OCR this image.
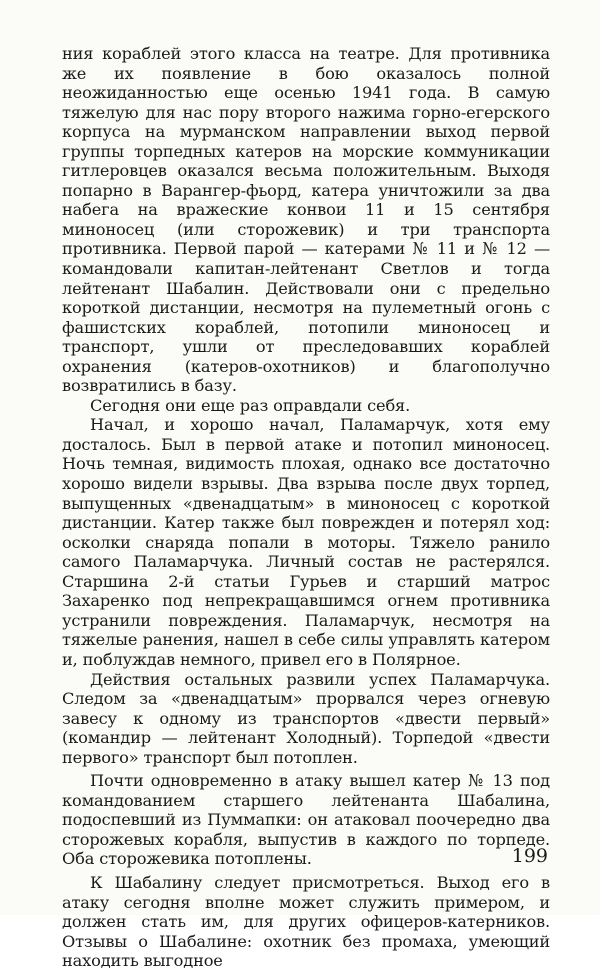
ния кораблей этого класса на театре. Для противника же их появление в бою оказалось полной неожиданностью еще осенью 1941 года. В самую тяжелую для нас пору второго нажима горно-егерского корпуса на мурманском направлении выход первой группы торпедных катеров на морские коммуникации гитлеровцев оказался весьма положительным. Выходя попарно в Варангер-фьорд, катера уничтожили за два набега на вражеские конвои 11 и 15 сентября миноносец (или сторожевик) и три транспорта противника. Первой парой — катерами № 11 и № 12 — командовали капитан-лейтенант Светлов и тогда лейтенант Шабалин. Действовали они с предельно короткой дистанции, несмотря на пулеметный огонь с фашистских кораблей, потопили миноносец и транспорт, ушли от преследовавших кораблей охранения (катеров-охотников) и благополучно возвратились в базу.

Сегодня они еще раз оправдали себя.

Начал, и хорошо начал, Паламарчук, хотя ему досталось. Был в первой атаке и потопил миноносец. Ночь темная, видимость плохая, однако все достаточно хорошо видели взрывы. Два взрыва после двух торпед, выпущенных «двенадцатым» в миноносец с короткой дистанции. Катер также был поврежден и потерял ход: осколки снаряда попали в моторы. Тяжело ранило самого Паламарчука. Личный состав не растерялся. Старшина 2-й статьи Гурьев и старший матрос Захаренко под непрекращавшимся огнем противника устранили повреждения. Паламарчук, несмотря на тяжелые ранения, нашел в себе силы управлять катером и, поблуждав немного, привел его в Полярное.

Действия остальных развили успех Паламарчука. Следом за «двенадцатым» прорвался через огневую завесу к одному из транспортов «двести первый» (командир — лейтенант Холодный). Торпедой «двести первого» транспорт был потоплен.

Почти одновременно в атаку вышел катер № 13 под командованием старшего лейтенанта Шабалина, подоспевший из Пуммапки: он атаковал поочередно два сторожевых корабля, выпустив в каждого по торпеде. Оба сторожевика потоплены.

К Шабалину следует присмотреться. Выход его в атаку сегодня вполне может служить примером, и должен стать им, для других офицеров-катерников. Отзывы о Шабалине: охотник без промаха, умеющий находить выгодное

199
